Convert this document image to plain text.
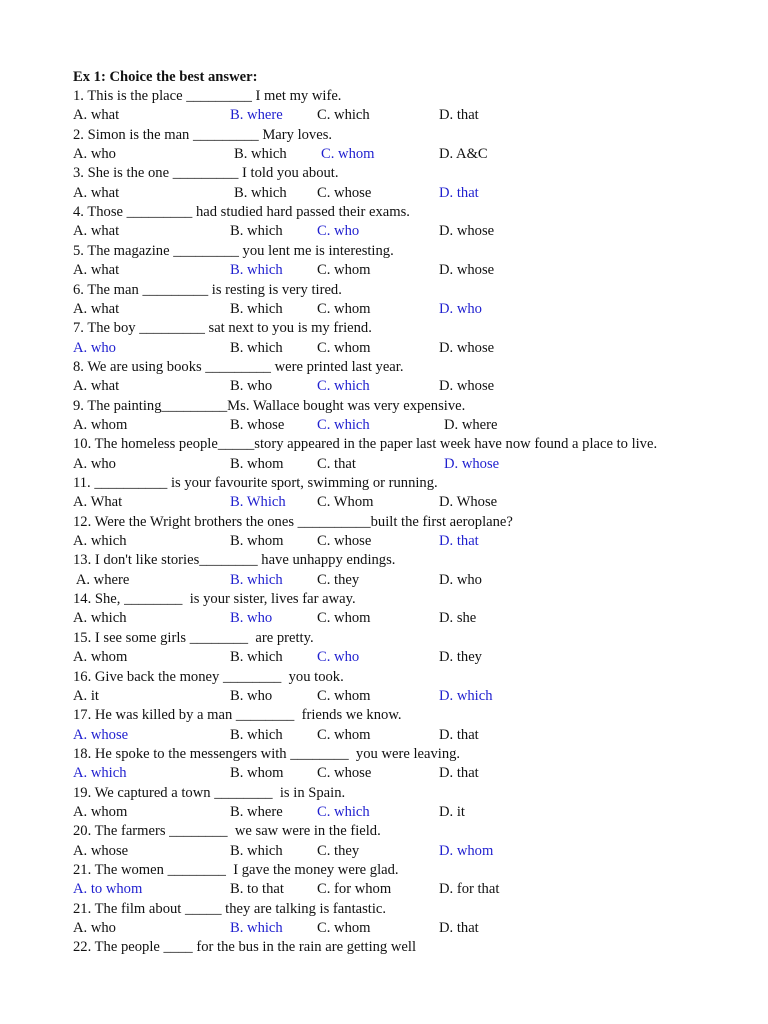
Ex 1: Choice the best answer:
1. This is the place _________ I met my wife.
A. what	B. where C. which	D. that
2. Simon is the man _________ Mary loves.
A. who	B. which C. whom	D. A&C
3. She is the one _________ I told you about.
A. what	B. which C. whose	D. that
4. Those _________ had studied hard passed their exams.
A. what	B. which C. who	D. whose
5. The magazine _________ you lent me is interesting.
A. what	B. which C. whom	D. whose
6. The man _________ is resting is very tired.
A. what	B. which C. whom	D. who
7. The boy _________ sat next to you is my friend.
A. who	B. which C. whom	D. whose
8. We are using books _________ were printed last year.
A. what	B. who	C. which	D. whose
9. The painting_________Ms. Wallace bought was very expensive.
A. whom	B. whose C. which	D. where
10. The homeless people_____story appeared in the paper last week have now found a place to live.
A. who	B. whom C. that	D. whose
11. __________ is your favourite sport, swimming or running.
A. What	B. Which C. Whom	D. Whose
12. Were the Wright brothers the ones __________built the first aeroplane?
A. which	B. whom C. whose	D. that
13. I don't like stories________ have unhappy endings.
A. where	B. which C. they	D. who
14. She, ________  is your sister, lives far away.
A. which	B. who	C. whom	D. she
15. I see some girls ________  are pretty.
A. whom	B. which C. who	D. they
16. Give back the money ________  you took.
A. it	B. who	C. whom	D. which
17. He was killed by a man ________  friends we know.
A. whose	B. which C. whom	D. that
18. He spoke to the messengers with ________  you were leaving.
A. which	B. whom C. whose	D. that
19. We captured a town ________  is in Spain.
A. whom	B. where C. which	D. it
20. The farmers ________  we saw were in the field.
A. whose	B. which C. they	D. whom
21. The women ________  I gave the money were glad.
A. to whom	B. to that C. for whom	D. for that
21. The film about _____ they are talking is fantastic.
A. who	B. which C. whom	D. that
22. The people ____ for the bus in the rain are getting well
